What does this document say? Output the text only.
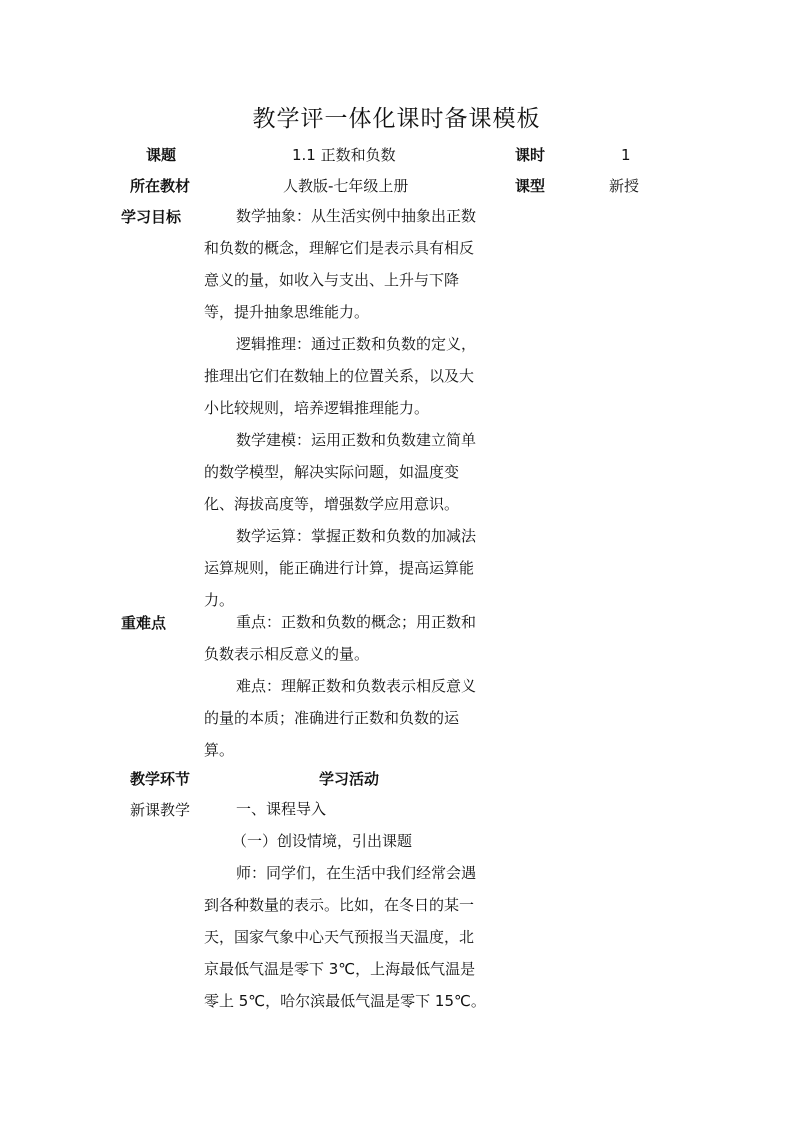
教学评一体化课时备课模板
课题	1.1 正数和负数	课时	1
所在教材	人教版-七年级上册	课型	新授
学习目标	数学抽象：从生活实例中抽象出正数
和负数的概念，理解它们是表示具有相反
意义的量，如收入与支出、上升与下降
等，提升抽象思维能力。
逻辑推理：通过正数和负数的定义，
推理出它们在数轴上的位置关系，以及大
小比较规则，培养逻辑推理能力。
数学建模：运用正数和负数建立简单
的数学模型，解决实际问题，如温度变
化、海拔高度等，增强数学应用意识。
数学运算：掌握正数和负数的加减法
运算规则，能正确进行计算，提高运算能
力。
重难点	重点：正数和负数的概念；用正数和
负数表示相反意义的量。
难点：理解正数和负数表示相反意义
的量的本质；准确进行正数和负数的运
算。
教学环节	学习活动
新课教学	一、课程导入
（一）创设情境，引出课题
师：同学们，在生活中我们经常会遇
到各种数量的表示。比如，在冬日的某一
天，国家气象中心天气预报当天温度，北
京最低气温是零下 3℃，上海最低气温是
零上 5℃，哈尔滨最低气温是零下 15℃。
